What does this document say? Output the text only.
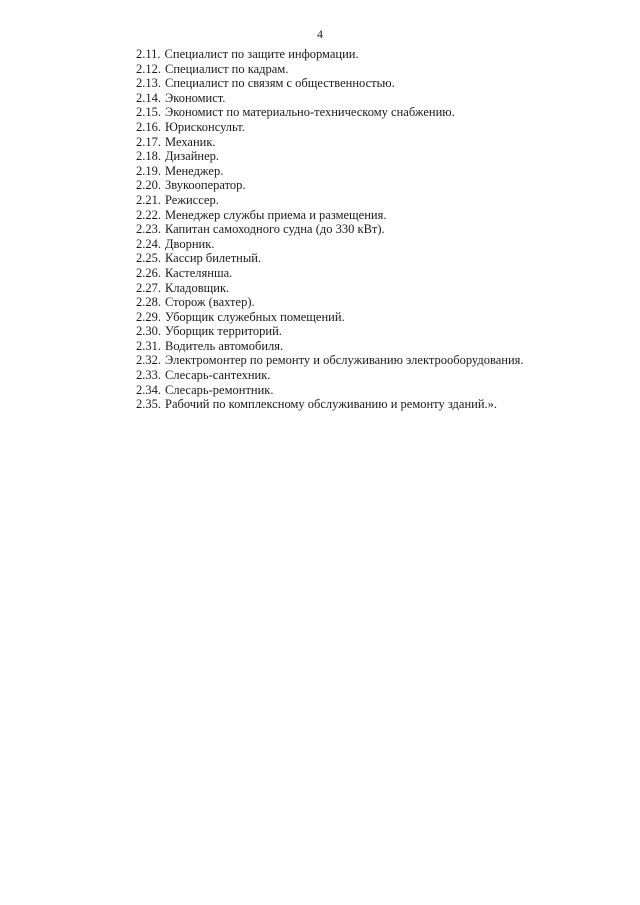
4
2.11. Специалист по защите информации.
2.12. Специалист по кадрам.
2.13. Специалист по связям с общественностью.
2.14. Экономист.
2.15. Экономист по материально-техническому снабжению.
2.16. Юрисконсульт.
2.17. Механик.
2.18. Дизайнер.
2.19. Менеджер.
2.20. Звукооператор.
2.21. Режиссер.
2.22. Менеджер службы приема и размещения.
2.23. Капитан самоходного судна (до 330 кВт).
2.24. Дворник.
2.25. Кассир билетный.
2.26. Кастелянша.
2.27. Кладовщик.
2.28. Сторож (вахтер).
2.29. Уборщик служебных помещений.
2.30. Уборщик территорий.
2.31. Водитель автомобиля.
2.32. Электромонтер по ремонту и обслуживанию электрооборудования.
2.33. Слесарь-сантехник.
2.34. Слесарь-ремонтник.
2.35. Рабочий по комплексному обслуживанию и ремонту зданий.».
